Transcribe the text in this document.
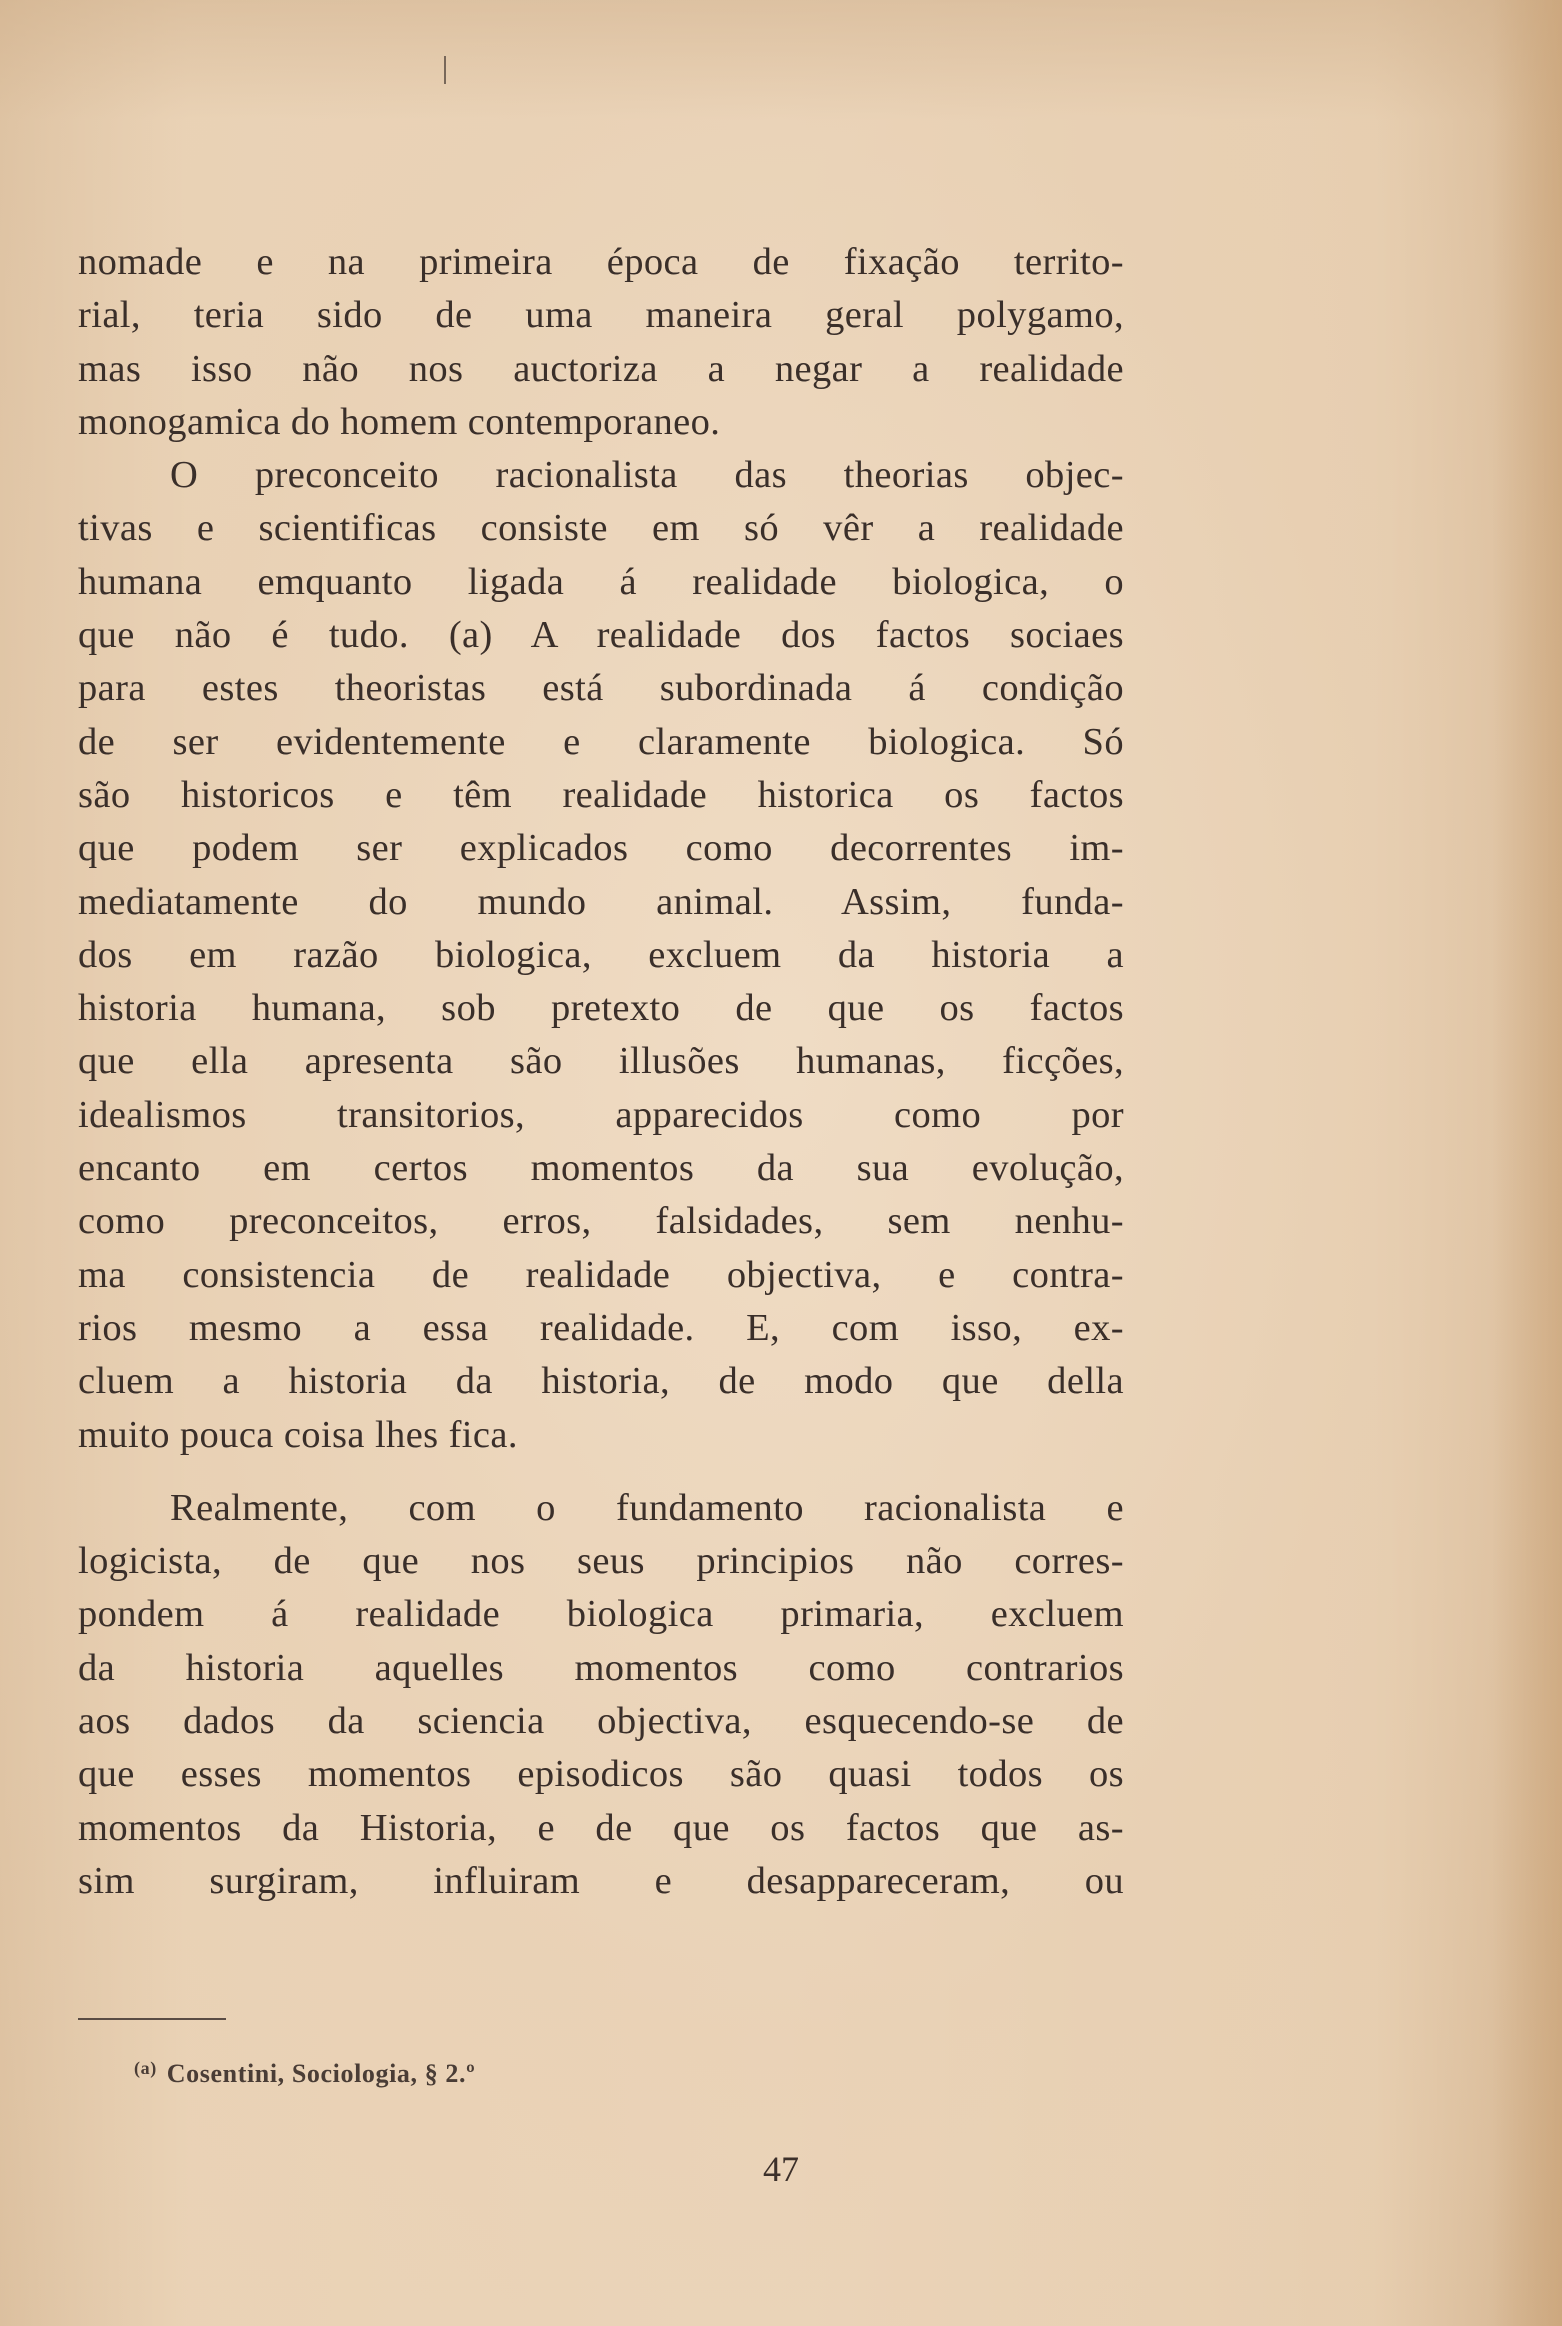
nomade e na primeira época de fixação territo-
rial, teria sido de uma maneira geral polygamo,
mas isso não nos auctoriza a negar a realidade
monogamica do homem contemporaneo.
O preconceito racionalista das theorias objec-
tivas e scientificas consiste em só vêr a realidade
humana emquanto ligada á realidade biologica, o
que não é tudo. (a) A realidade dos factos sociaes
para estes theoristas está subordinada á condição
de ser evidentemente e claramente biologica. Só
são historicos e têm realidade historica os factos
que podem ser explicados como decorrentes im-
mediatamente do mundo animal. Assim, funda-
dos em razão biologica, excluem da historia a
historia humana, sob pretexto de que os factos
que ella apresenta são illusões humanas, ficções,
idealismos transitorios, apparecidos como por
encanto em certos momentos da sua evolução,
como preconceitos, erros, falsidades, sem nenhu-
ma consistencia de realidade objectiva, e contra-
rios mesmo a essa realidade. E, com isso, ex-
cluem a historia da historia, de modo que della
muito pouca coisa lhes fica.
Realmente, com o fundamento racionalista e
logicista, de que nos seus principios não corres-
pondem á realidade biologica primaria, excluem
da historia aquelles momentos como contrarios
aos dados da sciencia objectiva, esquecendo-se de
que esses momentos episodicos são quasi todos os
momentos da Historia, e de que os factos que as-
sim surgiram, influiram e desappareceram, ou
$^{(a)}$ Cosentini, Sociologia, § 2.º
47
